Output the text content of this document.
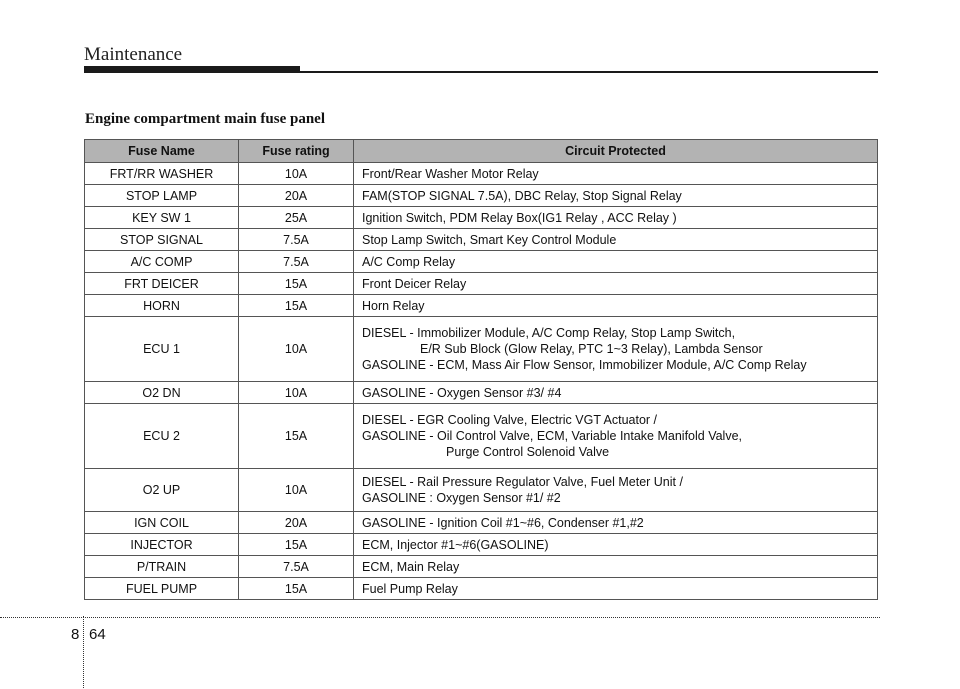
Maintenance
Engine compartment main fuse panel
Fuse Name	Fuse rating	Circuit Protected
FRT/RR WASHER	10A	Front/Rear Washer Motor Relay
STOP LAMP	20A	FAM(STOP SIGNAL 7.5A), DBC Relay, Stop Signal Relay
KEY SW 1	25A	Ignition Switch, PDM Relay Box(IG1 Relay , ACC Relay )
STOP SIGNAL	7.5A	Stop Lamp Switch, Smart Key Control Module
A/C COMP	7.5A	A/C Comp Relay
FRT DEICER	15A	Front Deicer Relay
HORN	15A	Horn Relay
ECU 1	10A	DIESEL - Immobilizer Module, A/C Comp Relay, Stop Lamp Switch,
E/R Sub Block (Glow Relay, PTC 1~3 Relay), Lambda Sensor
GASOLINE - ECM, Mass Air Flow Sensor, Immobilizer Module, A/C Comp Relay

O2 DN	10A	GASOLINE - Oxygen Sensor #3/ #4
ECU 2	15A	DIESEL - EGR Cooling Valve, Electric VGT Actuator /
GASOLINE - Oil Control Valve, ECM, Variable Intake Manifold Valve,
Purge Control Solenoid Valve

O2 UP	10A	DIESEL - Rail Pressure Regulator Valve, Fuel Meter Unit /
GASOLINE : Oxygen Sensor #1/ #2

IGN COIL	20A	GASOLINE - Ignition Coil #1~#6, Condenser #1,#2
INJECTOR	15A	ECM, Injector #1~#6(GASOLINE)
P/TRAIN	7.5A	ECM, Main Relay
FUEL PUMP	15A	Fuel Pump Relay
8 64
